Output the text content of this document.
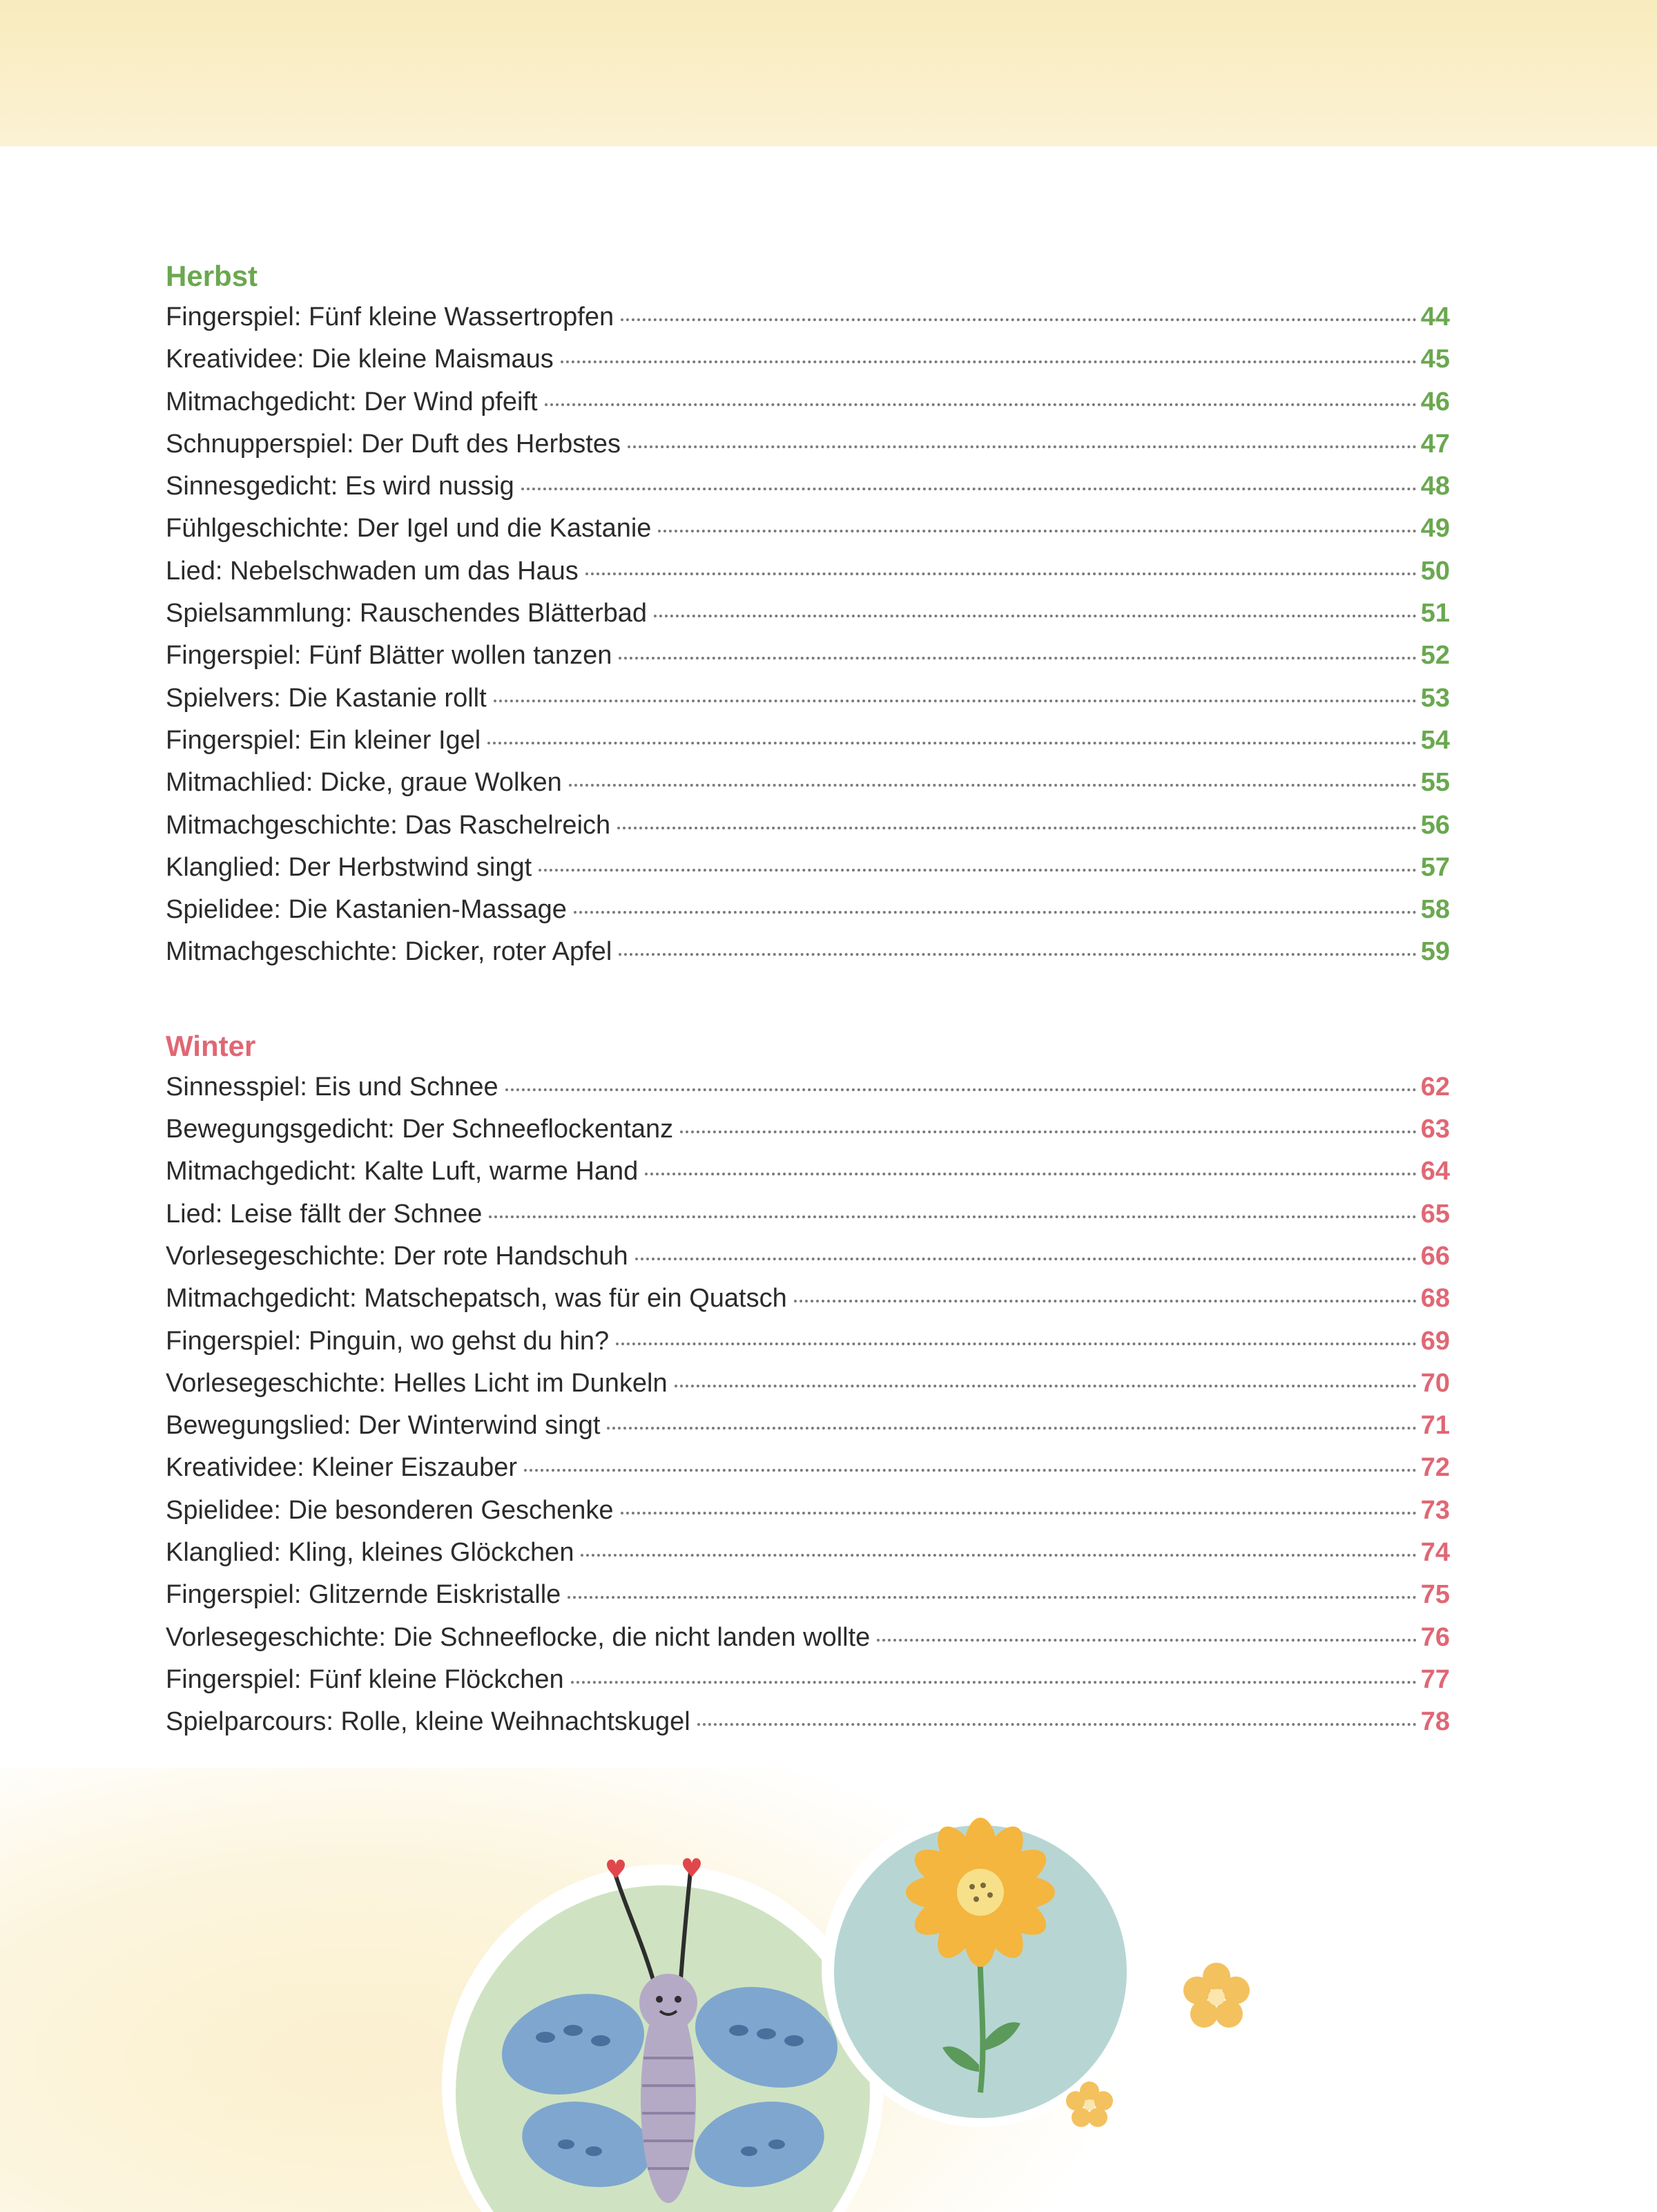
Herbst
Fingerspiel: Fünf kleine Wassertropfen	44
Kreatividee: Die kleine Maismaus	45
Mitmachgedicht: Der Wind pfeift	46
Schnupperspiel: Der Duft des Herbstes	47
Sinnesgedicht: Es wird nussig	48
Fühlgeschichte: Der Igel und die Kastanie	49
Lied: Nebelschwaden um das Haus	50
Spielsammlung: Rauschendes Blätterbad	51
Fingerspiel: Fünf Blätter wollen tanzen	52
Spielvers: Die Kastanie rollt	53
Fingerspiel: Ein kleiner Igel	54
Mitmachlied: Dicke, graue Wolken	55
Mitmachgeschichte: Das Raschelreich	56
Klanglied: Der Herbstwind singt	57
Spielidee: Die Kastanien-Massage	58
Mitmachgeschichte: Dicker, roter Apfel	59
Winter
Sinnesspiel: Eis und Schnee	62
Bewegungsgedicht: Der Schneeflockentanz	63
Mitmachgedicht: Kalte Luft, warme Hand	64
Lied: Leise fällt der Schnee	65
Vorlesegeschichte: Der rote Handschuh	66
Mitmachgedicht: Matschepatsch, was für ein Quatsch	68
Fingerspiel: Pinguin, wo gehst du hin?	69
Vorlesegeschichte: Helles Licht im Dunkeln	70
Bewegungslied: Der Winterwind singt	71
Kreatividee: Kleiner Eiszauber	72
Spielidee: Die besonderen Geschenke	73
Klanglied: Kling, kleines Glöckchen	74
Fingerspiel: Glitzernde Eiskristalle	75
Vorlesegeschichte: Die Schneeflocke, die nicht landen wollte	76
Fingerspiel: Fünf kleine Flöckchen	77
Spielparcours: Rolle, kleine Weihnachtskugel	78
